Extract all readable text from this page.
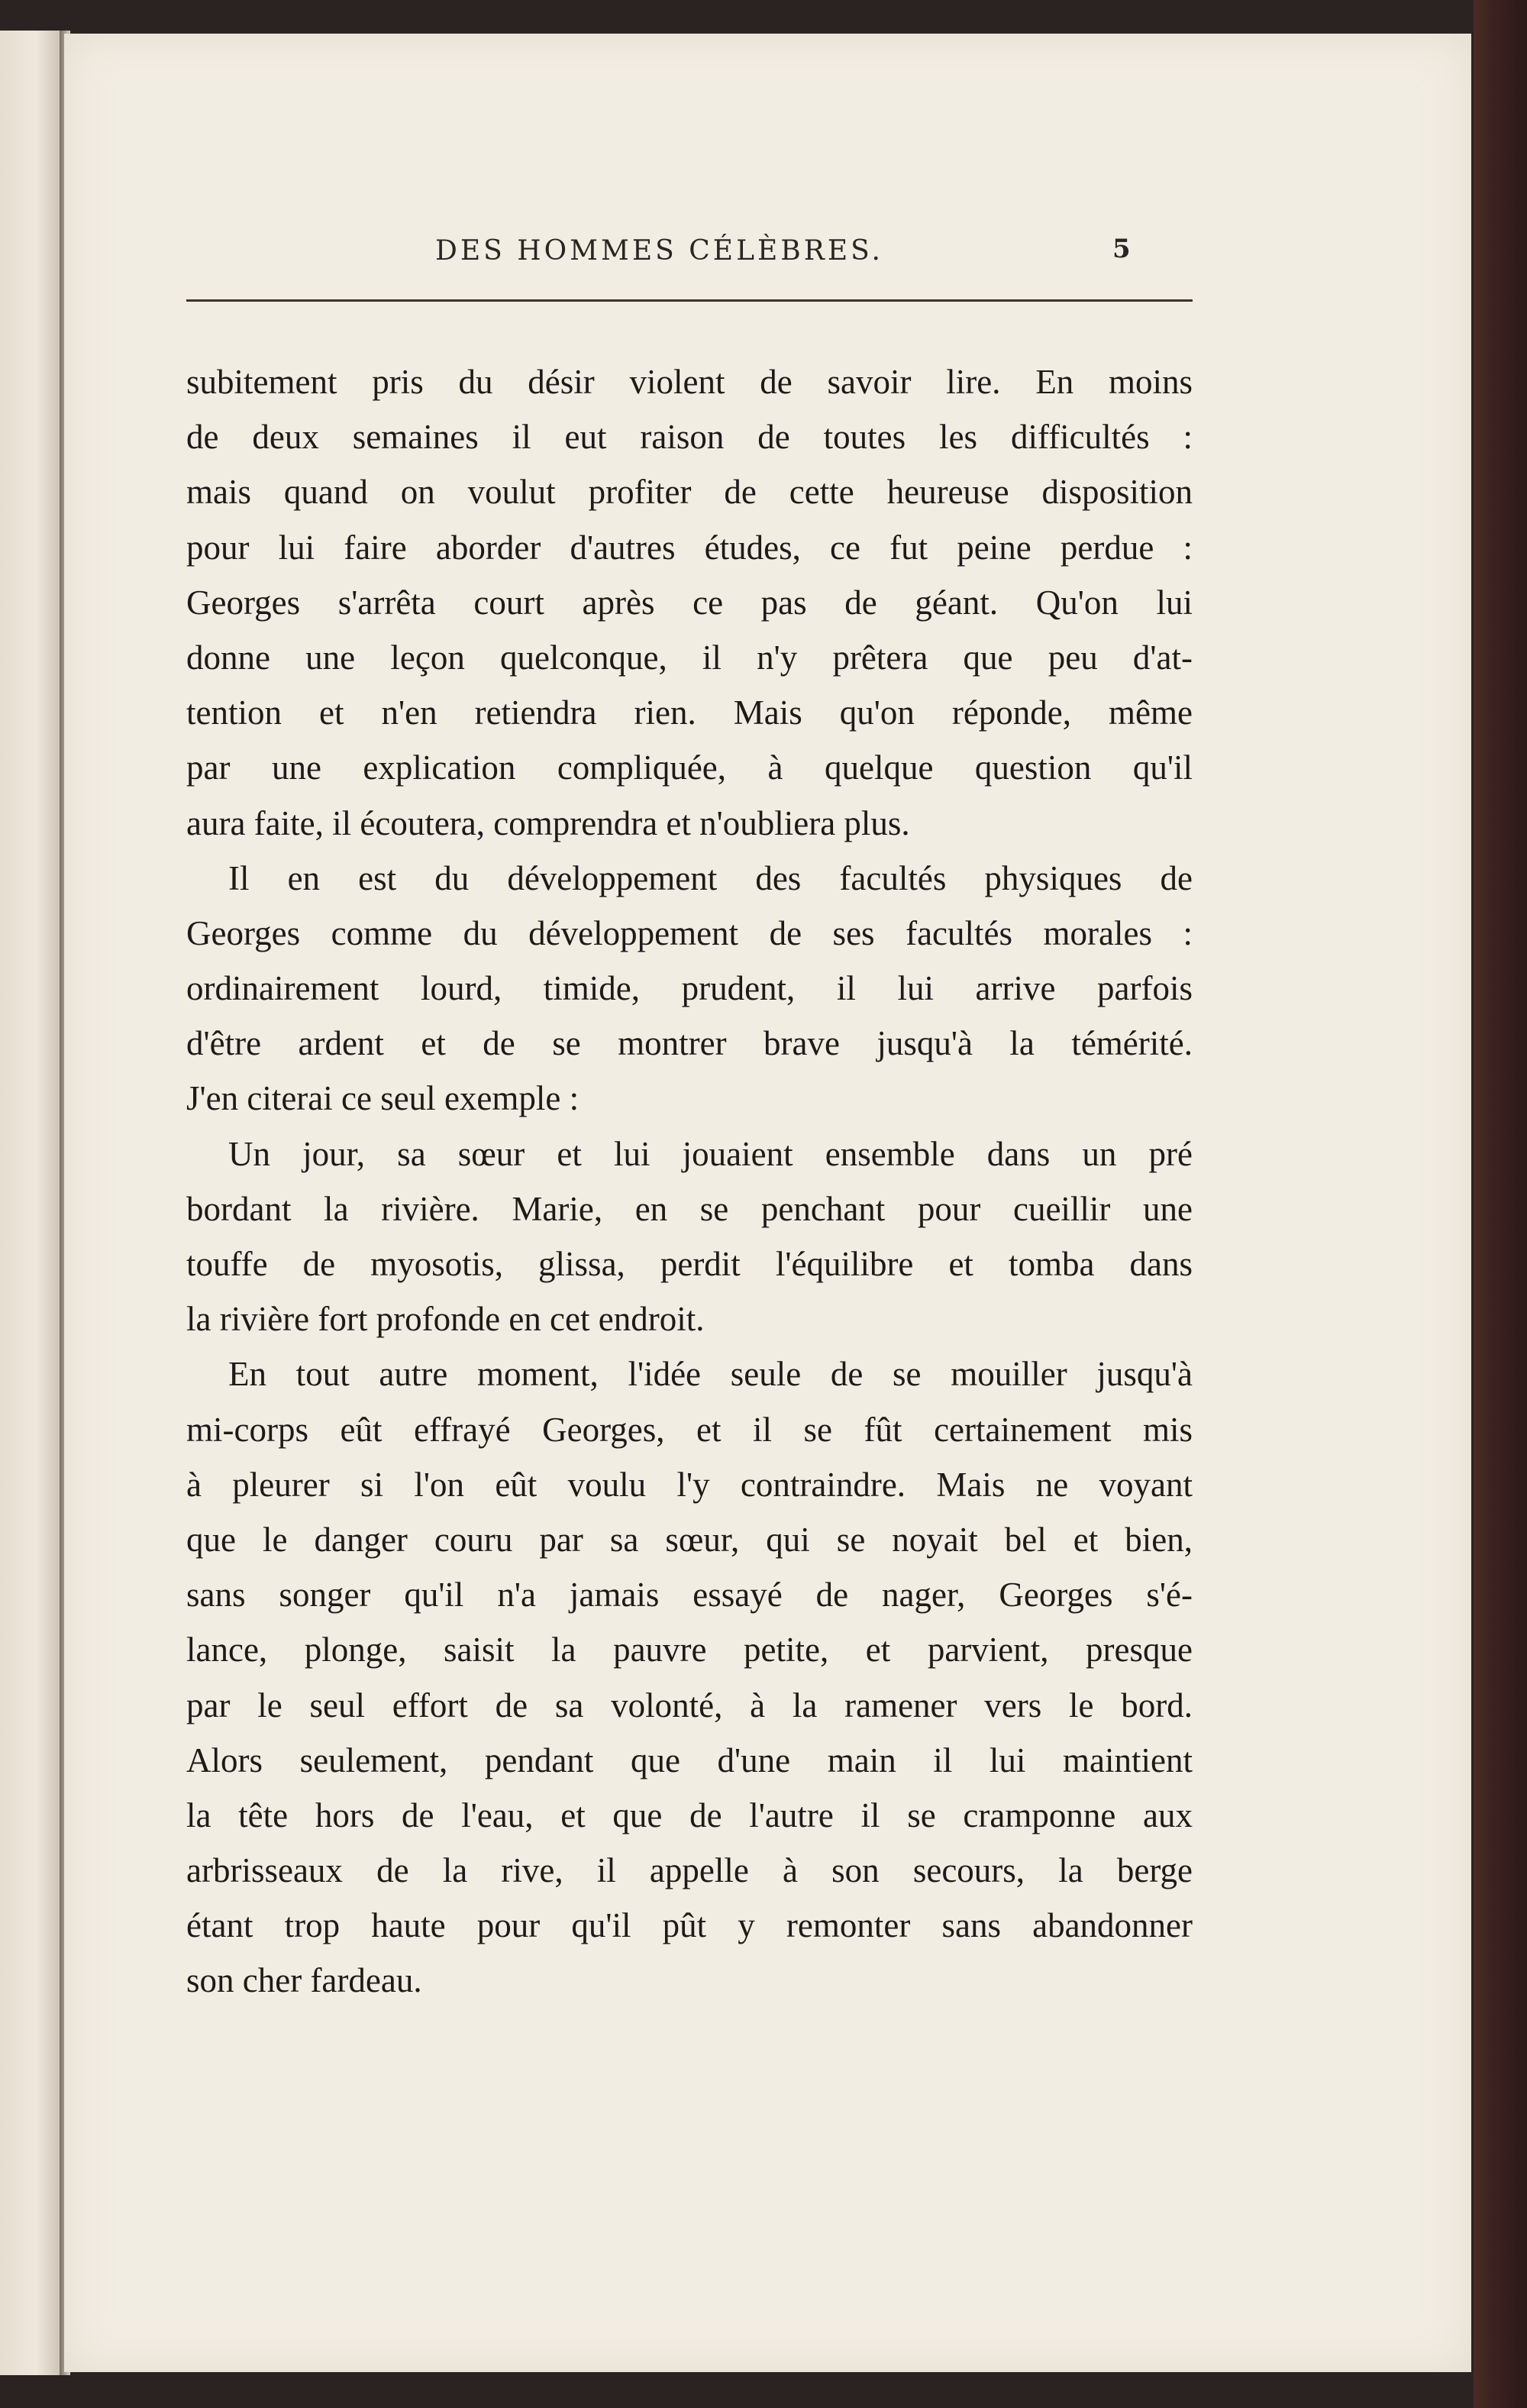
DES HOMMES CÉLÈBRES.	5
subitement pris du désir violent de savoir lire. En moins
de deux semaines il eut raison de toutes les difficultés :
mais quand on voulut profiter de cette heureuse disposition
pour lui faire aborder d'autres études, ce fut peine perdue :
Georges s'arrêta court après ce pas de géant. Qu'on lui
donne une leçon quelconque, il n'y prêtera que peu d'at-
tention et n'en retiendra rien. Mais qu'on réponde, même
par une explication compliquée, à quelque question qu'il
aura faite, il écoutera, comprendra et n'oubliera plus.
Il en est du développement des facultés physiques de
Georges comme du développement de ses facultés morales :
ordinairement lourd, timide, prudent, il lui arrive parfois
d'être ardent et de se montrer brave jusqu'à la témérité.
J'en citerai ce seul exemple :
Un jour, sa sœur et lui jouaient ensemble dans un pré
bordant la rivière. Marie, en se penchant pour cueillir une
touffe de myosotis, glissa, perdit l'équilibre et tomba dans
la rivière fort profonde en cet endroit.
En tout autre moment, l'idée seule de se mouiller jusqu'à
mi-corps eût effrayé Georges, et il se fût certainement mis
à pleurer si l'on eût voulu l'y contraindre. Mais ne voyant
que le danger couru par sa sœur, qui se noyait bel et bien,
sans songer qu'il n'a jamais essayé de nager, Georges s'é-
lance, plonge, saisit la pauvre petite, et parvient, presque
par le seul effort de sa volonté, à la ramener vers le bord.
Alors seulement, pendant que d'une main il lui maintient
la tête hors de l'eau, et que de l'autre il se cramponne aux
arbrisseaux de la rive, il appelle à son secours, la berge
étant trop haute pour qu'il pût y remonter sans abandonner
son cher fardeau.
